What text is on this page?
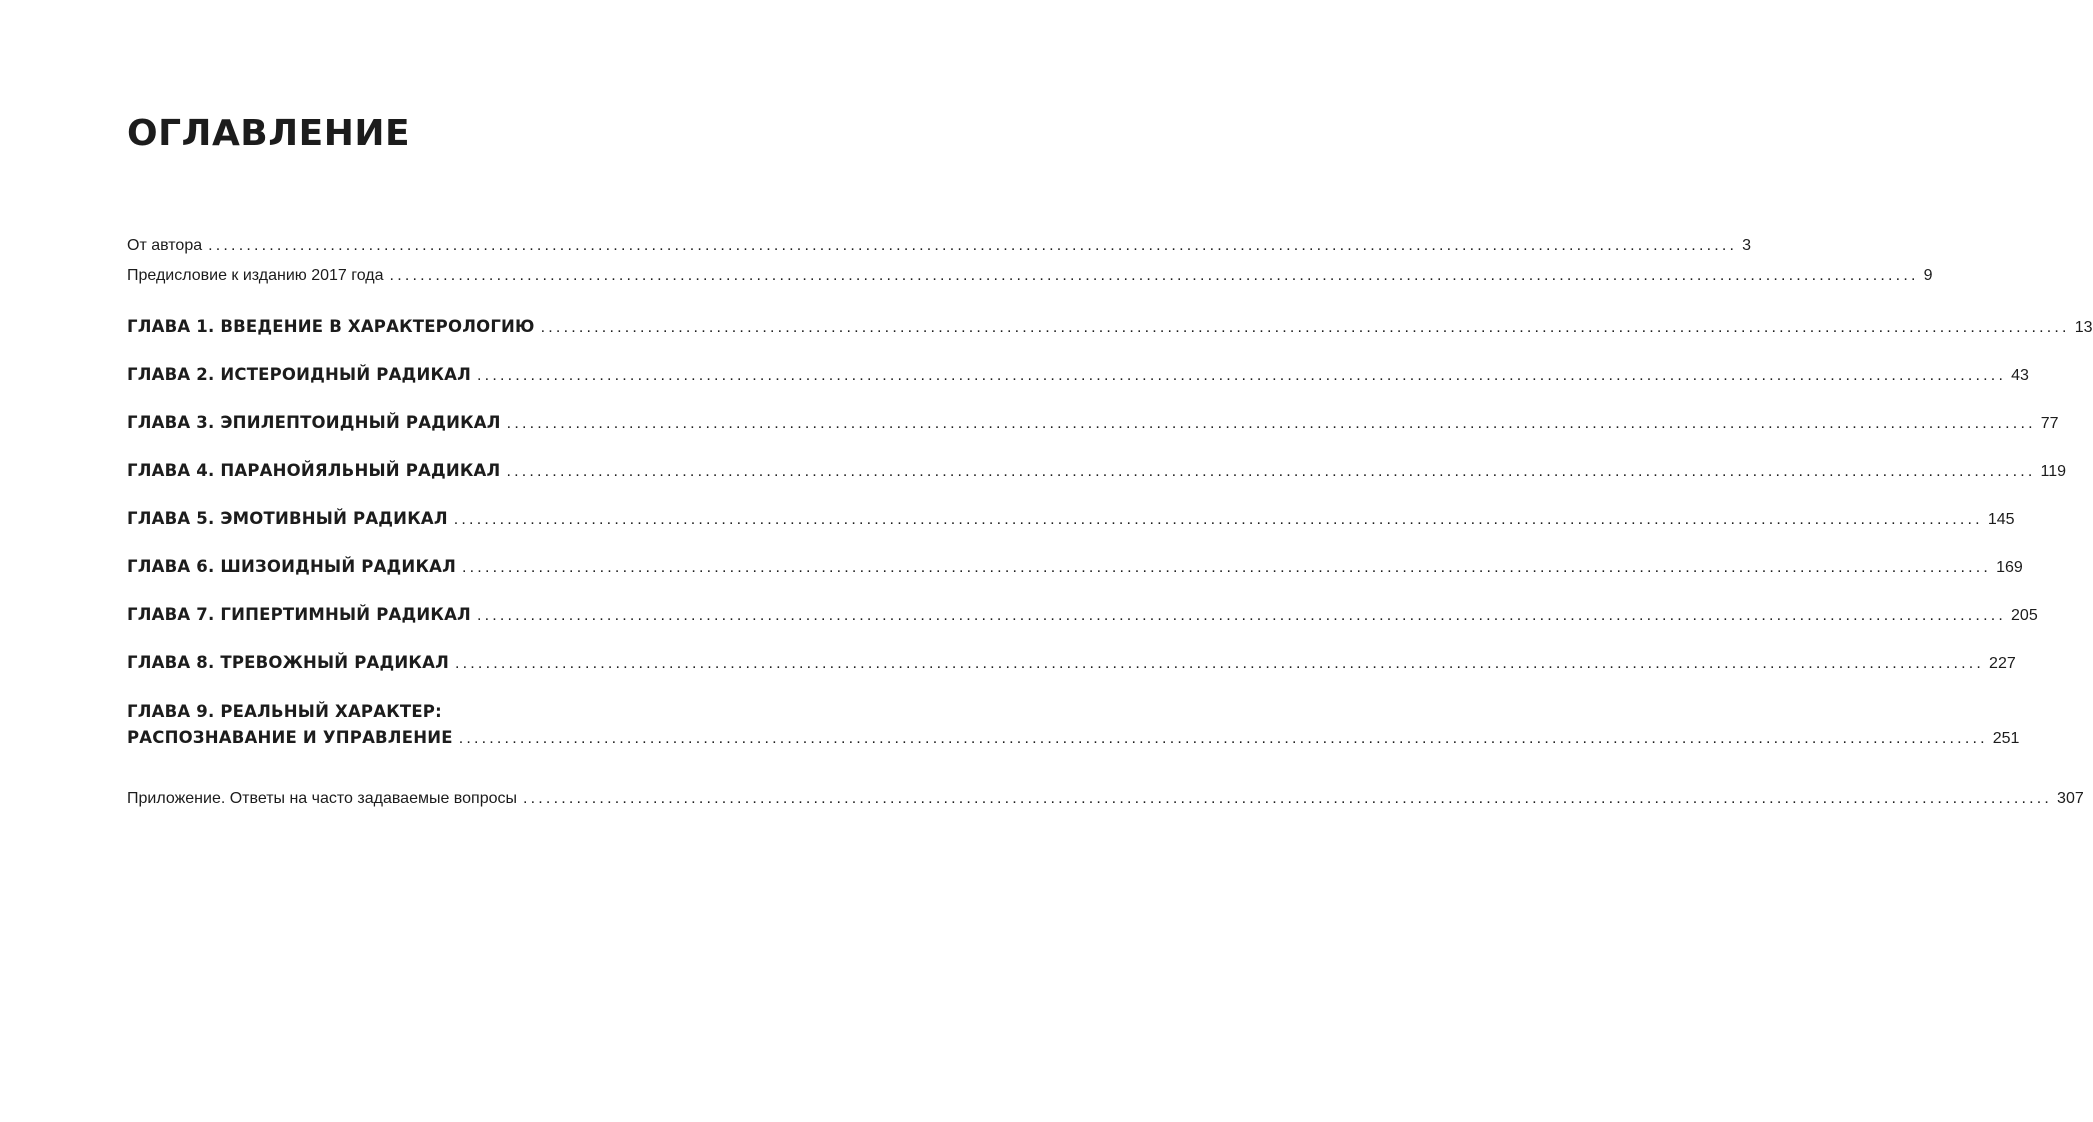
ОГЛАВЛЕНИЕ
От автора ........................................................................................................................................................................................................ 3
Предисловие к изданию 2017 года ........................................................................................................................................................................................................ 9
ГЛАВА 1. ВВЕДЕНИЕ В ХАРАКТЕРОЛОГИЮ ........................................................................................................................................................................................................ 13
ГЛАВА 2. ИСТЕРОИДНЫЙ РАДИКАЛ ........................................................................................................................................................................................................ 43
ГЛАВА 3. ЭПИЛЕПТОИДНЫЙ РАДИКАЛ ........................................................................................................................................................................................................ 77
ГЛАВА 4. ПАРАНОЙЯЛЬНЫЙ РАДИКАЛ ........................................................................................................................................................................................................ 119
ГЛАВА 5. ЭМОТИВНЫЙ РАДИКАЛ ........................................................................................................................................................................................................ 145
ГЛАВА 6. ШИЗОИДНЫЙ РАДИКАЛ ........................................................................................................................................................................................................ 169
ГЛАВА 7. ГИПЕРТИМНЫЙ РАДИКАЛ ........................................................................................................................................................................................................ 205
ГЛАВА 8. ТРЕВОЖНЫЙ РАДИКАЛ ........................................................................................................................................................................................................ 227
ГЛАВА 9. РЕАЛЬНЫЙ ХАРАКТЕР:
РАСПОЗНАВАНИЕ И УПРАВЛЕНИЕ ........................................................................................................................................................................................................ 251
Приложение. Ответы на часто задаваемые вопросы ........................................................................................................................................................................................................ 307
